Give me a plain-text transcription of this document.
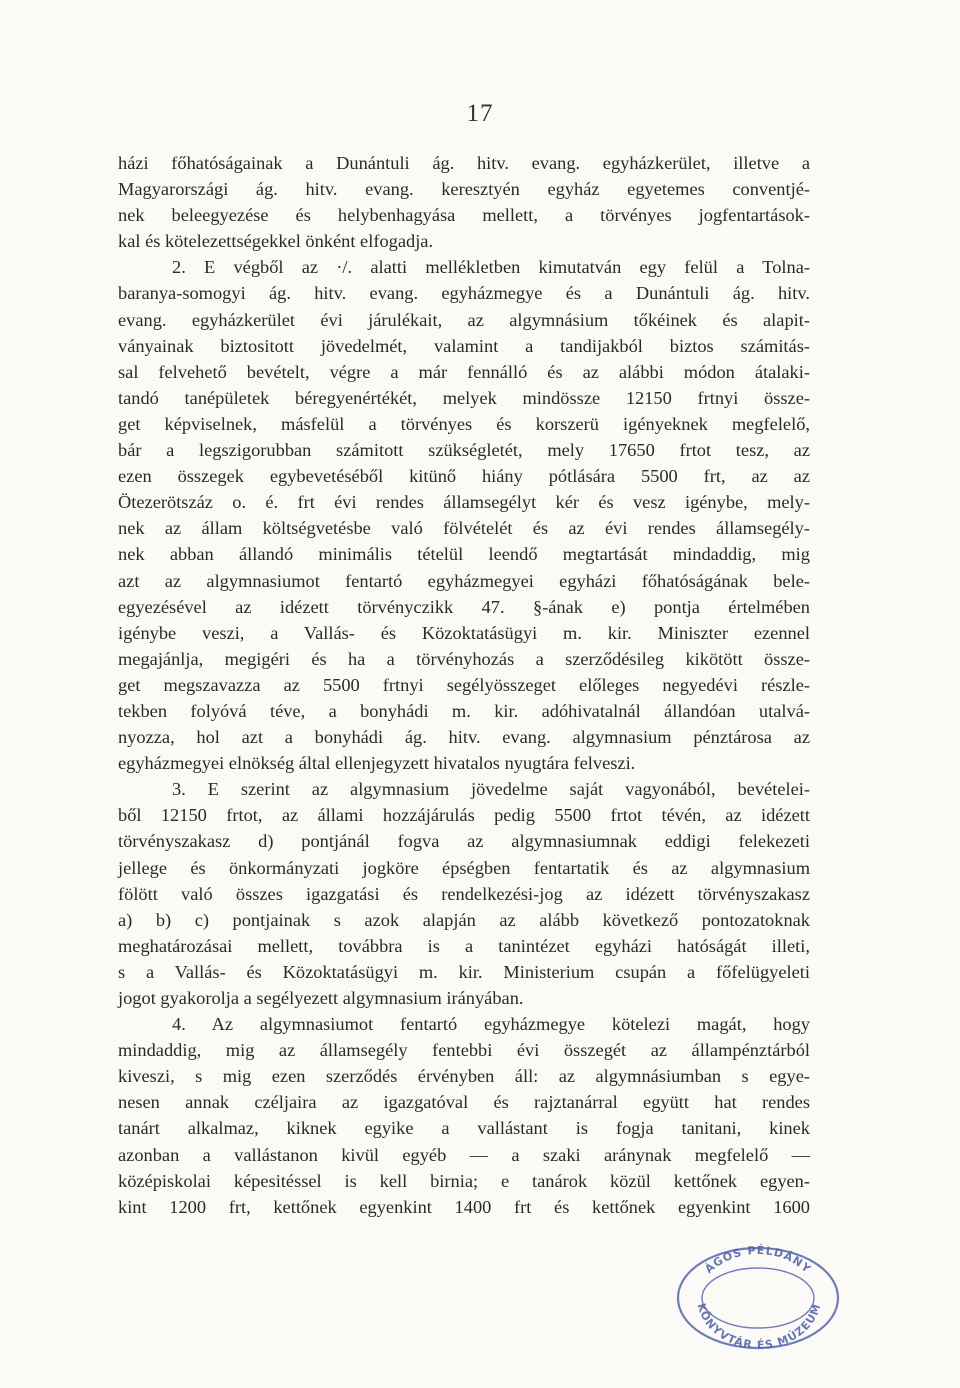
17
házi főhatóságainak a Dunántuli ág. hitv. evang. egyházkerület, illetve a
Magyarországi ág. hitv. evang. keresztyén egyház egyetemes conventjé-
nek beleegyezése és helybenhagyása mellett, a törvényes jogfentartások-
kal és kötelezettségekkel önként elfogadja.
2. E végből az ·/. alatti mellékletben kimutatván egy felül a Tolna-
baranya-somogyi ág. hitv. evang. egyházmegye és a Dunántuli ág. hitv.
evang. egyházkerület évi járulékait, az algymnásium tőkéinek és alapit-
ványainak biztositott jövedelmét, valamint a tandijakból biztos számitás-
sal felvehető bevételt, végre a már fennálló és az alábbi módon átalaki-
tandó tanépületek béregyenértékét, melyek mindössze 12150 frtnyi össze-
get képviselnek, másfelül a törvényes és korszerü igényeknek megfelelő,
bár a legszigorubban számitott szükségletét, mely 17650 frtot tesz, az
ezen összegek egybevetéséből kitünő hiány pótlására 5500 frt, az az
Ötezerötszáz o. é. frt évi rendes államsegélyt kér és vesz igénybe, mely-
nek az állam költségvetésbe való fölvételét és az évi rendes államsegély-
nek abban állandó minimális tételül leendő megtartását mindaddig, mig
azt az algymnasiumot fentartó egyházmegyei egyházi főhatóságának bele-
egyezésével az idézett törvényczikk 47. §-ának e) pontja értelmében
igénybe veszi, a Vallás- és Közoktatásügyi m. kir. Miniszter ezennel
megajánlja, megigéri és ha a törvényhozás a szerződésileg kikötött össze-
get megszavazza az 5500 frtnyi segélyösszeget előleges negyedévi részle-
tekben folyóvá téve, a bonyhádi m. kir. adóhivatalnál állandóan utalvá-
nyozza, hol azt a bonyhádi ág. hitv. evang. algymnasium pénztárosa az
egyházmegyei elnökség által ellenjegyzett hivatalos nyugtára felveszi.
3. E szerint az algymnasium jövedelme saját vagyonából, bevételei-
ből 12150 frtot, az állami hozzájárulás pedig 5500 frtot tévén, az idézett
törvényszakasz d) pontjánál fogva az algymnasiumnak eddigi felekezeti
jellege és önkormányzati jogköre épségben fentartatik és az algymnasium
fölött való összes igazgatási és rendelkezési-jog az idézett törvényszakasz
a) b) c) pontjainak s azok alapján az alább következő pontozatoknak
meghatározásai mellett, továbbra is a tanintézet egyházi hatóságát illeti,
s a Vallás- és Közoktatásügyi m. kir. Ministerium csupán a főfelügyeleti
jogot gyakorolja a segélyezett algymnasium irányában.
4. Az algymnasiumot fentartó egyházmegye kötelezi magát, hogy
mindaddig, mig az államsegély fentebbi évi összegét az állampénztárból
kiveszi, s mig ezen szerződés érvényben áll: az algymnásiumban s egye-
nesen annak czéljaira az igazgatóval és rajztanárral együtt hat rendes
tanárt alkalmaz, kiknek egyike a vallástant is fogja tanitani, kinek
azonban a vallástanon kivül egyéb — a szaki aránynak megfelelő —
középiskolai képesitéssel is kell birnia; e tanárok közül kettőnek egyen-
kint 1200 frt, kettőnek egyenkint 1400 frt és kettőnek egyenkint 1600
ÁGOS PÉLDÁNY
KÖNYVTÁR ÉS MÚZEUM
